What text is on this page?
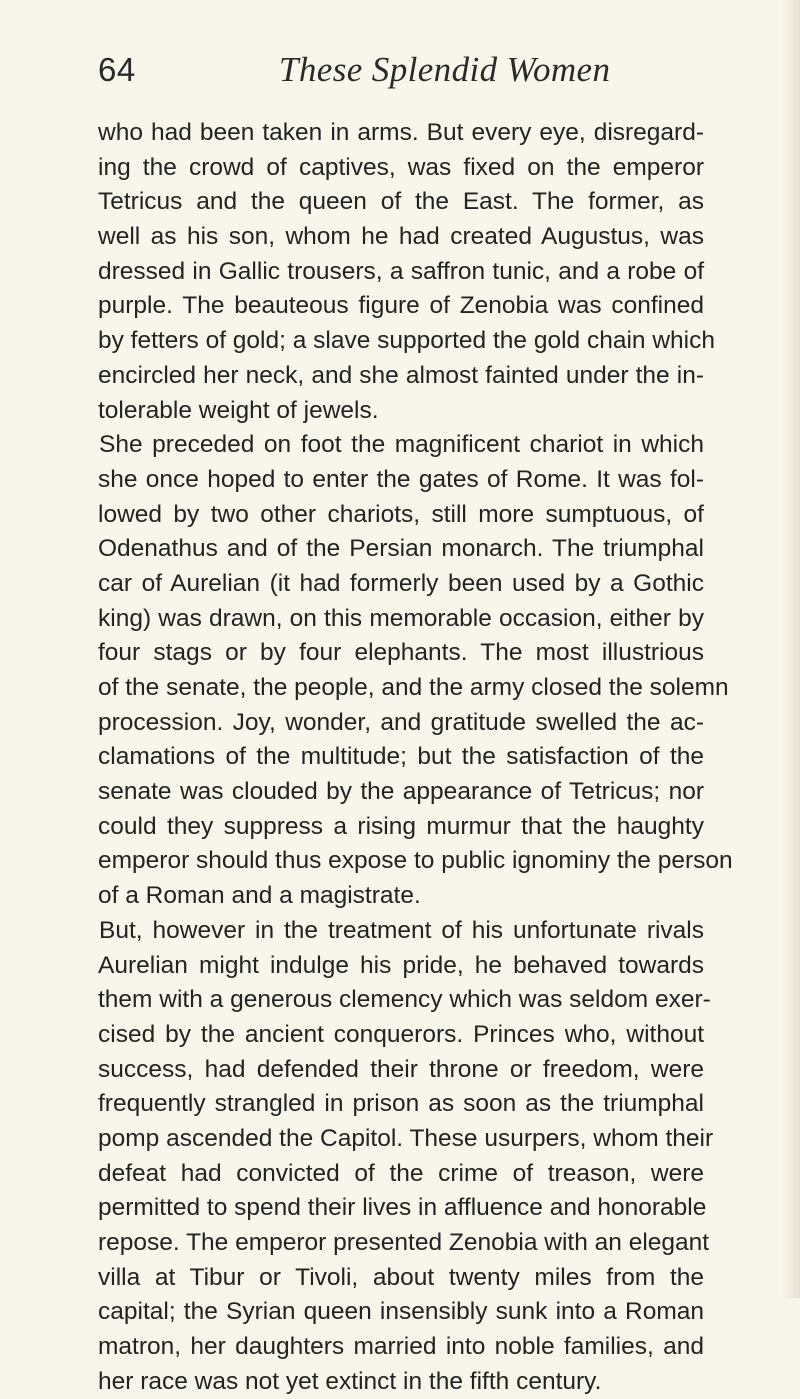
64	These Splendid Women
who had been taken in arms. But every eye, disregard-
ing the crowd of captives, was fixed on the emperor
Tetricus and the queen of the East. The former, as
well as his son, whom he had created Augustus, was
dressed in Gallic trousers, a saffron tunic, and a robe of
purple. The beauteous figure of Zenobia was confined
by fetters of gold; a slave supported the gold chain which
encircled her neck, and she almost fainted under the in-
tolerable weight of jewels.
She preceded on foot the magnificent chariot in which
she once hoped to enter the gates of Rome. It was fol-
lowed by two other chariots, still more sumptuous, of
Odenathus and of the Persian monarch. The triumphal
car of Aurelian (it had formerly been used by a Gothic
king) was drawn, on this memorable occasion, either by
four stags or by four elephants. The most illustrious
of the senate, the people, and the army closed the solemn
procession. Joy, wonder, and gratitude swelled the ac-
clamations of the multitude; but the satisfaction of the
senate was clouded by the appearance of Tetricus; nor
could they suppress a rising murmur that the haughty
emperor should thus expose to public ignominy the person
of a Roman and a magistrate.
But, however in the treatment of his unfortunate rivals
Aurelian might indulge his pride, he behaved towards
them with a generous clemency which was seldom exer-
cised by the ancient conquerors. Princes who, without
success, had defended their throne or freedom, were
frequently strangled in prison as soon as the triumphal
pomp ascended the Capitol. These usurpers, whom their
defeat had convicted of the crime of treason, were
permitted to spend their lives in affluence and honorable
repose. The emperor presented Zenobia with an elegant
villa at Tibur or Tivoli, about twenty miles from the
capital; the Syrian queen insensibly sunk into a Roman
matron, her daughters married into noble families, and
her race was not yet extinct in the fifth century.
